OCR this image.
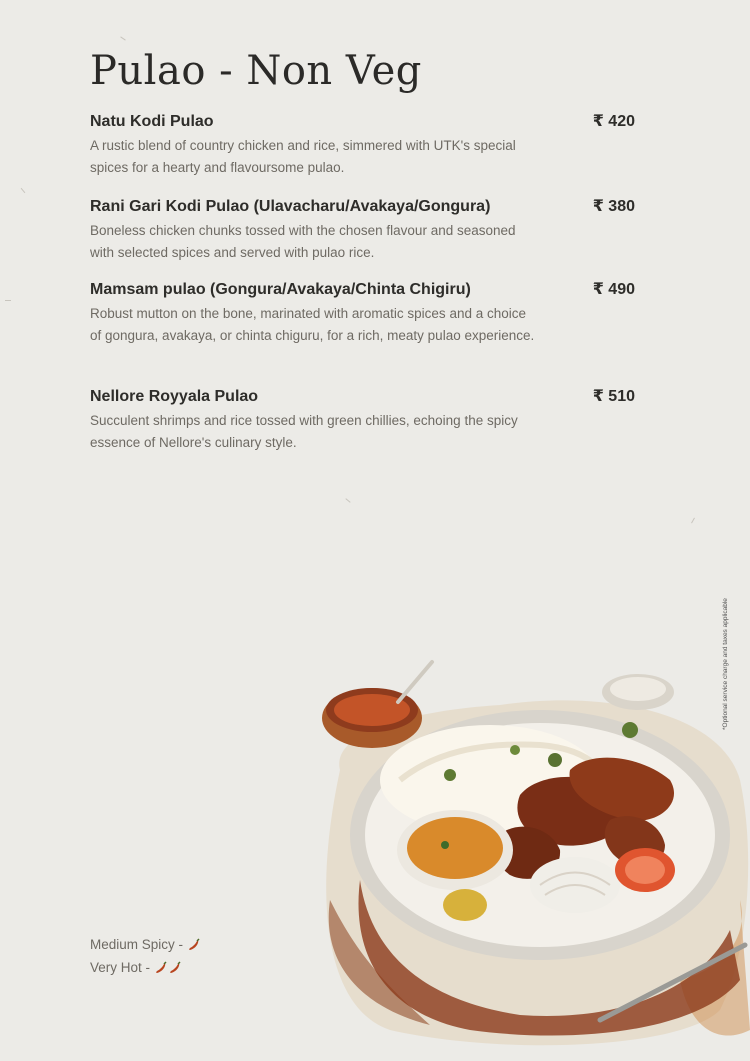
Pulao - Non Veg
Natu Kodi Pulao	₹ 420
A rustic blend of country chicken and rice, simmered with UTK's special spices for a hearty and flavoursome pulao.
Rani Gari Kodi Pulao (Ulavacharu/Avakaya/Gongura)	₹ 380
Boneless chicken chunks tossed with the chosen flavour and seasoned with selected spices and served with pulao rice.
Mamsam pulao (Gongura/Avakaya/Chinta Chigiru)	₹ 490
Robust mutton on the bone, marinated with aromatic spices and a choice of gongura, avakaya, or chinta chiguru, for a rich, meaty pulao experience.
Nellore Royyala Pulao	₹ 510
Succulent shrimps and rice tossed with green chillies, echoing the spicy essence of Nellore's culinary style.
Medium Spicy -
Very Hot -
*Optional service charge and taxes applicable
